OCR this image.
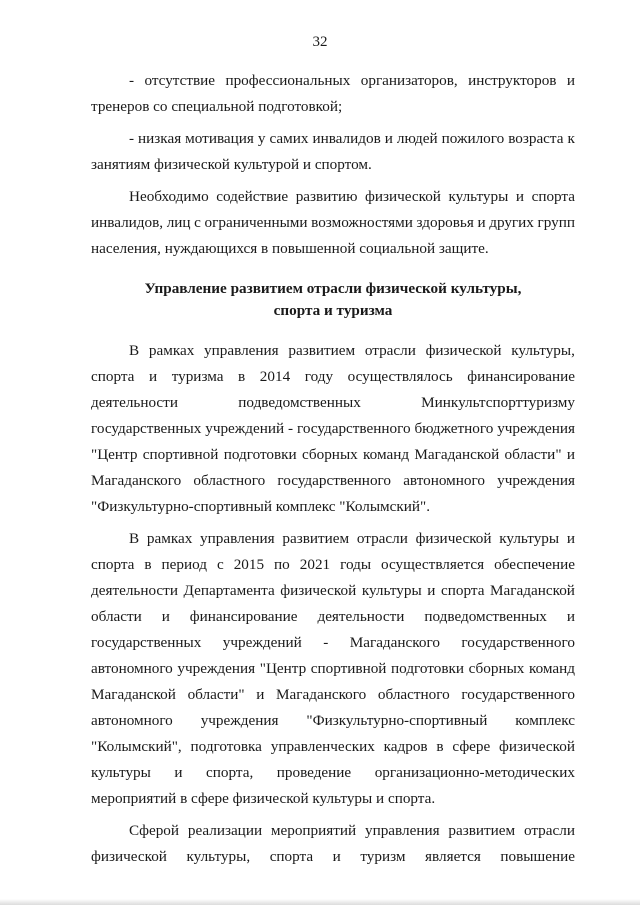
32
- отсутствие профессиональных организаторов, инструкторов и
тренеров со специальной подготовкой;
- низкая мотивация у самих инвалидов и людей пожилого возраста к
занятиям физической культурой и спортом.
Необходимо содействие развитию физической культуры и спорта
инвалидов, лиц с ограниченными возможностями здоровья и других групп
населения, нуждающихся в повышенной социальной защите.
Управление развитием отрасли физической культуры,
спорта и туризма
В рамках управления развитием отрасли физической культуры,
спорта и туризма в 2014 году осуществлялось финансирование
деятельности	подведомственных	Минкультспорттуризму
государственных учреждений - государственного бюджетного учреждения
"Центр спортивной подготовки сборных команд Магаданской области" и
Магаданского областного государственного автономного учреждения
"Физкультурно-спортивный комплекс "Колымский".
В рамках управления развитием отрасли физической культуры и
спорта в период с 2015 по 2021 годы осуществляется обеспечение
деятельности Департамента физической культуры и спорта Магаданской
области и финансирование деятельности подведомственных и
государственных учреждений - Магаданского государственного
автономного учреждения "Центр спортивной подготовки сборных команд
Магаданской области" и Магаданского областного государственного
автономного учреждения "Физкультурно-спортивный комплекс
"Колымский", подготовка управленческих кадров в сфере физической
культуры и спорта, проведение организационно-методических
мероприятий в сфере физической культуры и спорта.
Сферой реализации мероприятий управления развитием отрасли
физической культуры, спорта и туризм является повышение
